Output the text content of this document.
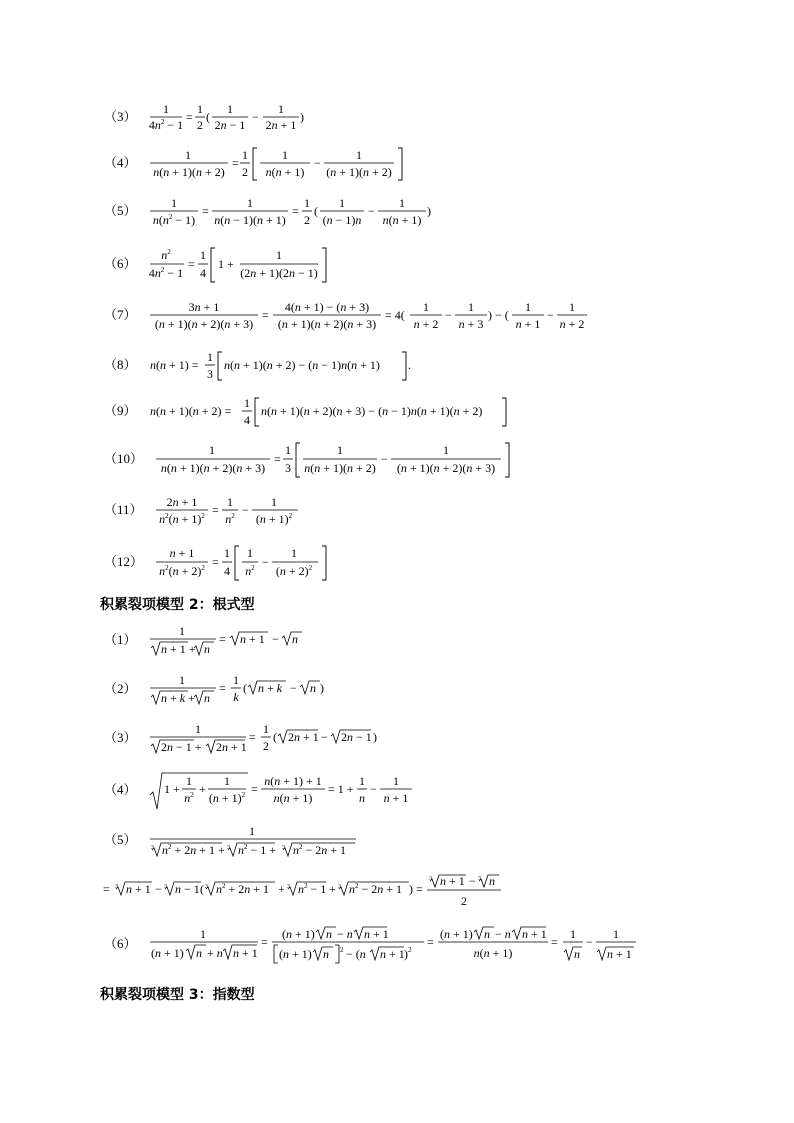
（3） 1
$4n^2 - 1$
=
1
2
(
1
2n − 1
−
1
2n + 1
)
（4）	1
n(n + 1)(n + 2)
=
1
2
1
n(n + 1)
−
1
(n + 1)(n + 2)
（5）	1
$n(n^2 - 1)$
=
1
n(n − 1)(n + 1)
=
1
2
(
1
(n − 1)n
−
1
n(n + 1)
)
（6）
$n^2$
$4n^2 - 1$
=
1
4
1 +
1
(2n + 1)(2n − 1)
（7）	3n + 1
(n + 1)(n + 2)(n + 3)
=
4(n + 1) − (n + 3)
(n + 1)(n + 2)(n + 3)
= 4(
1
n + 2
−
1
n + 3
) − (
1
n + 1
−
1
n + 2
（8） n(n + 1) =
1
3
n(n + 1)(n + 2) − (n − 1)n(n + 1) .
（9） n(n + 1)(n + 2) =
1
4
n(n + 1)(n + 2)(n + 3) − (n − 1)n(n + 1)(n + 2)
（10）
1
n(n + 1)(n + 2)(n + 3)
=
1
3
1
n(n + 1)(n + 2)
−
1
(n + 1)(n + 2)(n + 3)
（11） 2n + 1
$n^2(n + 1)^2$ =
1
$n^2$ −
1
$(n + 1)^2$
（12）
n + 1
$n^2(n + 2)^2$ =
1
4
1
$n^2$ −
1
$(n + 2)^2$
积累裂项模型 2：根式型
（1）
1
n + 1 + n
= n + 1 − n
（2）
1
n + k + n
=
1
k
( n + k − n )
（3）
1
2n − 1 + 2n + 1
=
1
2
( 2n + 1 − 2n − 1 )
（4） 1 +
1
$n^2$ +
1
$(n + 1)^2$ =
n(n + 1) + 1
n(n + 1)
= 1 +
1
n
−
1
n + 1
（5）
1
3 $n^2 + 2n + 1 + 3$ $n^2 - 1 + 3$ $n^2 - 2n + 1$

= 3 n + 1 − 3 n − 1 ( 3 $n^2 + 2n + 1 + 3$ $n^2 - 1 + 3$ $n^2 - 2n + 1$ ) =
3 n + 1 − 3 n
2
（6）
1
(n + 1) n + n n + 1
=
(n + 1) n − n n + 1
(n + 1) n 2 − (n n + 1 )$^2$
=
(n + 1) n − n n + 1
n(n + 1)
=
1
n
−
1
n + 1
积累裂项模型 3：指数型
